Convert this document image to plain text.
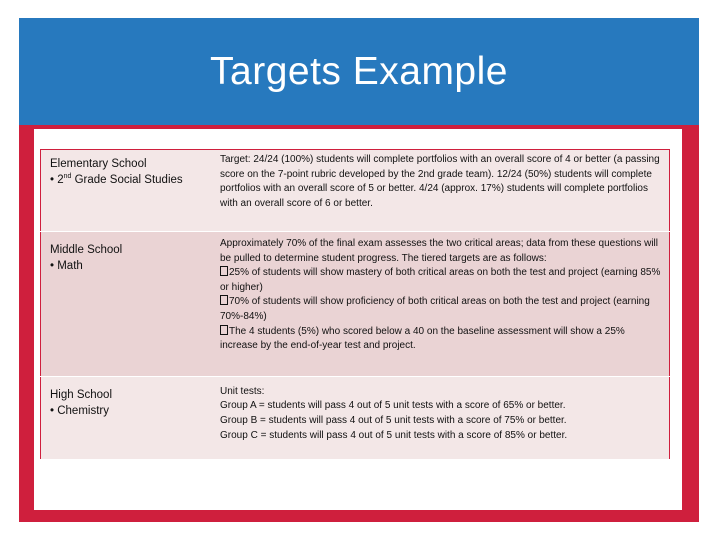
Targets Example
Elementary School
• 2nd Grade Social Studies	Target: 24/24 (100%) students will complete portfolios with an overall score of 4 or better (a passing score on the 7-point rubric developed by the 2nd grade team). 12/24 (50%) students will complete portfolios with an overall score of 5 or better. 4/24 (approx. 17%) students will complete portfolios with an overall score of 6 or better.

Middle School
• Math	Approximately 70% of the final exam assesses the two critical areas; data from these questions will be pulled to determine student progress. The tiered targets are as follows:
25% of students will show mastery of both critical areas on both the test and project (earning 85% or higher)
70% of students will show proficiency of both critical areas on both the test and project (earning 70%-84%)
The 4 students (5%) who scored below a 40 on the baseline assessment will show a 25% increase by the end-of-year test and project.

High School
• Chemistry	Unit tests:
Group A = students will pass 4 out of 5 unit tests with a score of 65% or better.
Group B = students will pass 4 out of 5 unit tests with a score of 75% or better.
Group C = students will pass 4 out of 5 unit tests with a score of 85% or better.
